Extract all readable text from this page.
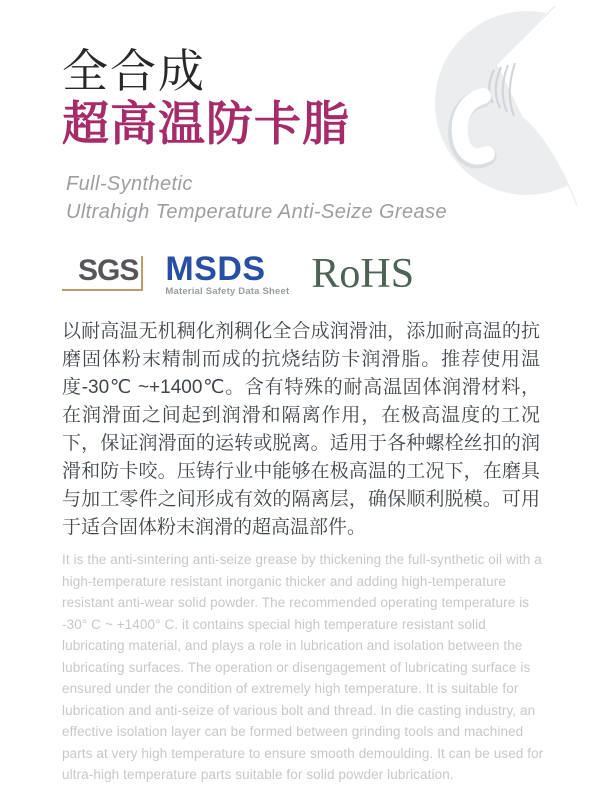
全合成
超高温防卡脂
Full-Synthetic
Ultrahigh Temperature Anti-Seize Grease
SGS MSDS
Material Safety Data Sheet RoHS
以耐高温无机稠化剂稠化全合成润滑油，添加耐高温的抗磨固体粉末精制而成的抗烧结防卡润滑脂。推荐使用温度-30℃ ~+1400℃。含有特殊的耐高温固体润滑材料，在润滑面之间起到润滑和隔离作用，在极高温度的工况下，保证润滑面的运转或脱离。适用于各种螺栓丝扣的润滑和防卡咬。压铸行业中能够在极高温的工况下，在磨具与加工零件之间形成有效的隔离层，确保顺利脱模。可用于适合固体粉末润滑的超高温部件。
It is the anti-sintering anti-seize grease by thickening the full-synthetic oil with a high-temperature resistant inorganic thicker and adding high-temperature resistant anti-wear solid powder. The recommended operating temperature is -30° C ~ +1400° C. it contains special high temperature resistant solid lubricating material, and plays a role in lubrication and isolation between the lubricating surfaces. The operation or disengagement of lubricating surface is ensured under the condition of extremely high temperature. It is suitable for lubrication and anti-seize of various bolt and thread. In die casting industry, an effective isolation layer can be formed between grinding tools and machined parts at very high temperature to ensure smooth demoulding. It can be used for ultra-high temperature parts suitable for solid powder lubrication.
